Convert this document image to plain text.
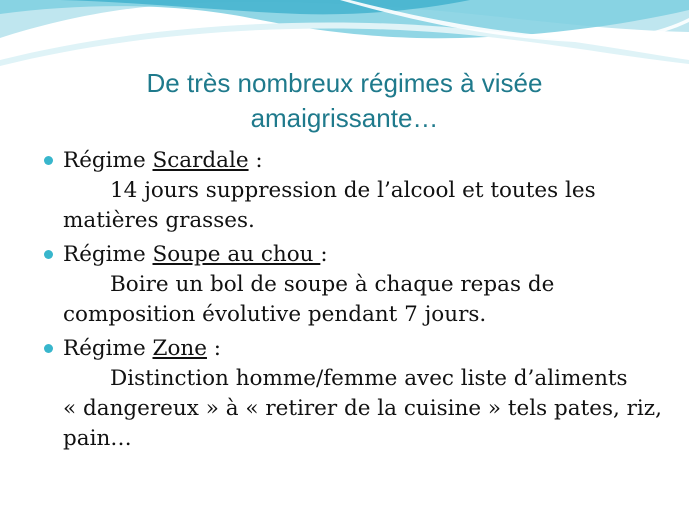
De très nombreux régimes à visée
amaigrissante…
Régime Scardale :
14 jours suppression de l’alcool et toutes les
matières grasses.
Régime Soupe au chou :
Boire un bol de soupe à chaque repas de
composition évolutive pendant 7 jours.
Régime Zone :
Distinction homme/femme avec liste d’aliments
« dangereux » à « retirer de la cuisine » tels pates, riz,
pain…
